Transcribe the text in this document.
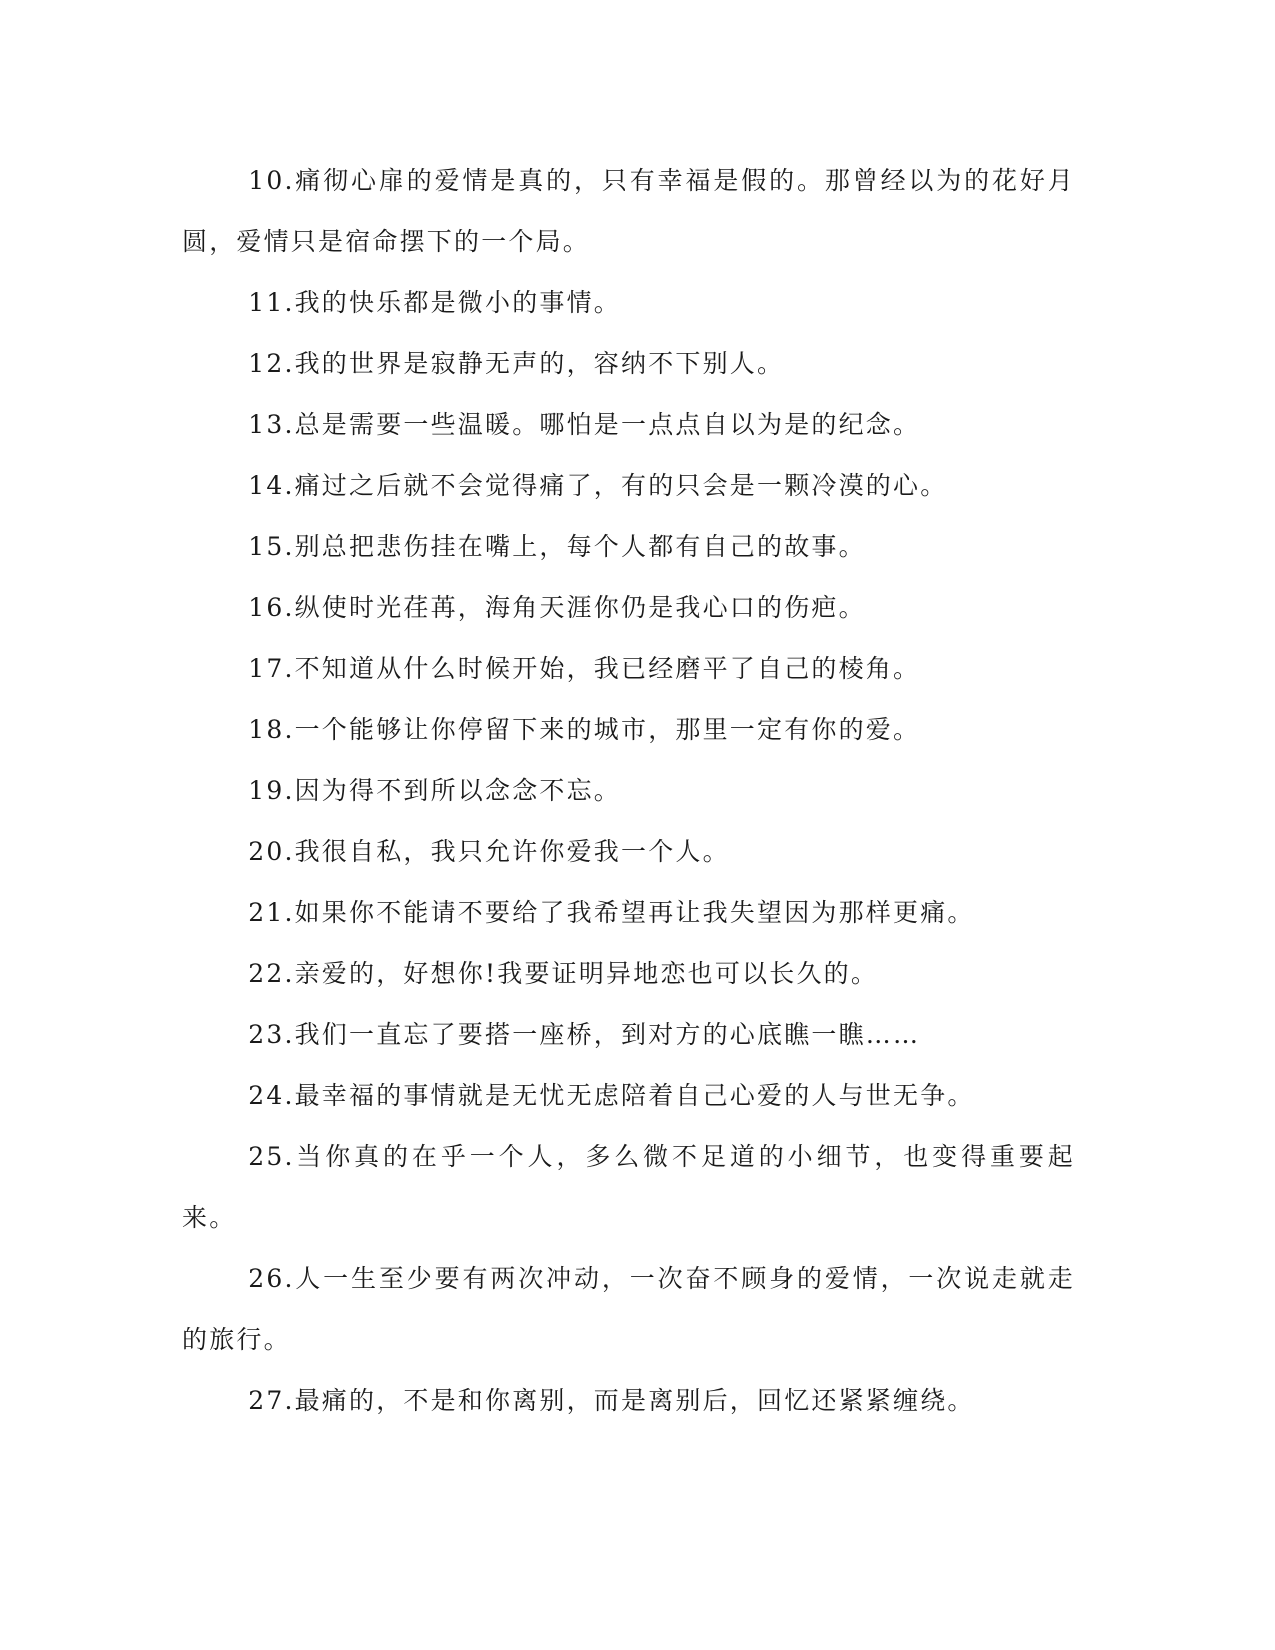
10.痛彻心扉的爱情是真的，只有幸福是假的。那曾经以为的花好月圆，爱情只是宿命摆下的一个局。

11.我的快乐都是微小的事情。

12.我的世界是寂静无声的，容纳不下别人。

13.总是需要一些温暖。哪怕是一点点自以为是的纪念。

14.痛过之后就不会觉得痛了，有的只会是一颗冷漠的心。

15.别总把悲伤挂在嘴上，每个人都有自己的故事。

16.纵使时光荏苒，海角天涯你仍是我心口的伤疤。

17.不知道从什么时候开始，我已经磨平了自己的棱角。

18.一个能够让你停留下来的城市，那里一定有你的爱。

19.因为得不到所以念念不忘。

20.我很自私，我只允许你爱我一个人。

21.如果你不能请不要给了我希望再让我失望因为那样更痛。

22.亲爱的，好想你!我要证明异地恋也可以长久的。

23.我们一直忘了要搭一座桥，到对方的心底瞧一瞧……

24.最幸福的事情就是无忧无虑陪着自己心爱的人与世无争。

25.当你真的在乎一个人，多么微不足道的小细节，也变得重要起来。

26.人一生至少要有两次冲动，一次奋不顾身的爱情，一次说走就走的旅行。

27.最痛的，不是和你离别，而是离别后，回忆还紧紧缠绕。
